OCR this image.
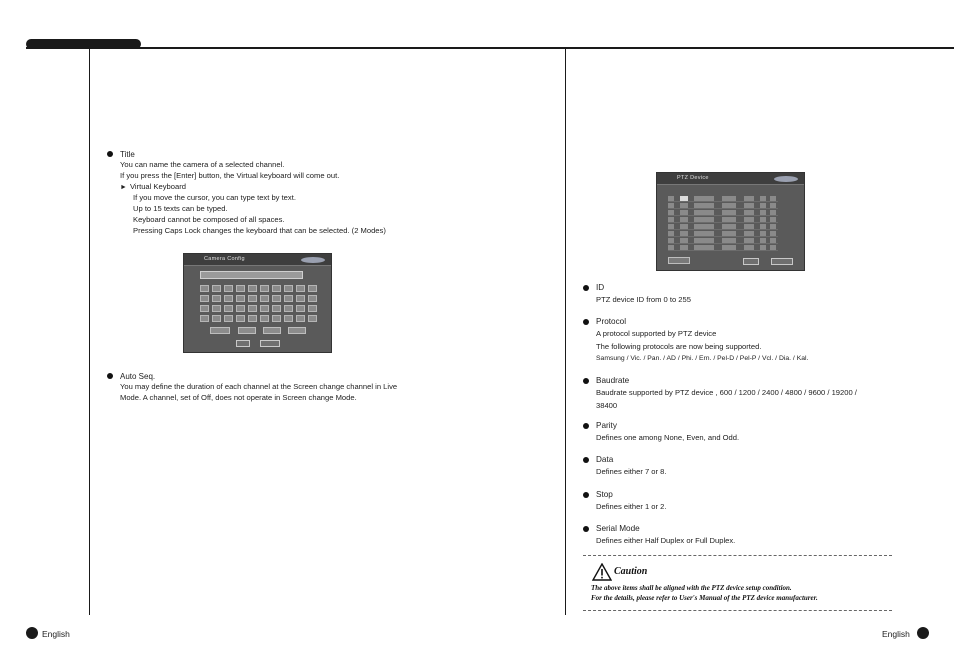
Title
You can name the camera of a selected channel.
If you press the [Enter] button, the Virtual keyboard will come out.
► Virtual Keyboard
If you move the cursor, you can type text by text.
Up to 15 texts can be typed.
Keyboard cannot be composed of all spaces.
Pressing Caps Lock changes the keyboard that can be selected. (2 Modes)
Camera Config
Auto Seq.
You may define the duration of each channel at the Screen change channel in Live
Mode. A channel, set of Off, does not operate in Screen change Mode.
PTZ Device
ID
PTZ device ID from 0 to 255
Protocol
A protocol supported by PTZ device
The following protocols are now being supported.
Samsung / Vic. / Pan. / AD / Phi. / Ern. / Pel-D / Pel-P / Vcl. / Dia. / Kal.
Baudrate
Baudrate supported by PTZ device , 600 / 1200 / 2400 / 4800 / 9600 / 19200 /
38400
Parity
Defines one among None, Even, and Odd.
Data
Defines either 7 or 8.
Stop
Defines either 1 or 2.
Serial Mode
Defines either Half Duplex or Full Duplex.
Caution
The above items shall be aligned with the PTZ device setup condition.
For the details, please refer to User's Manual of the PTZ device manufacturer.
English	English
